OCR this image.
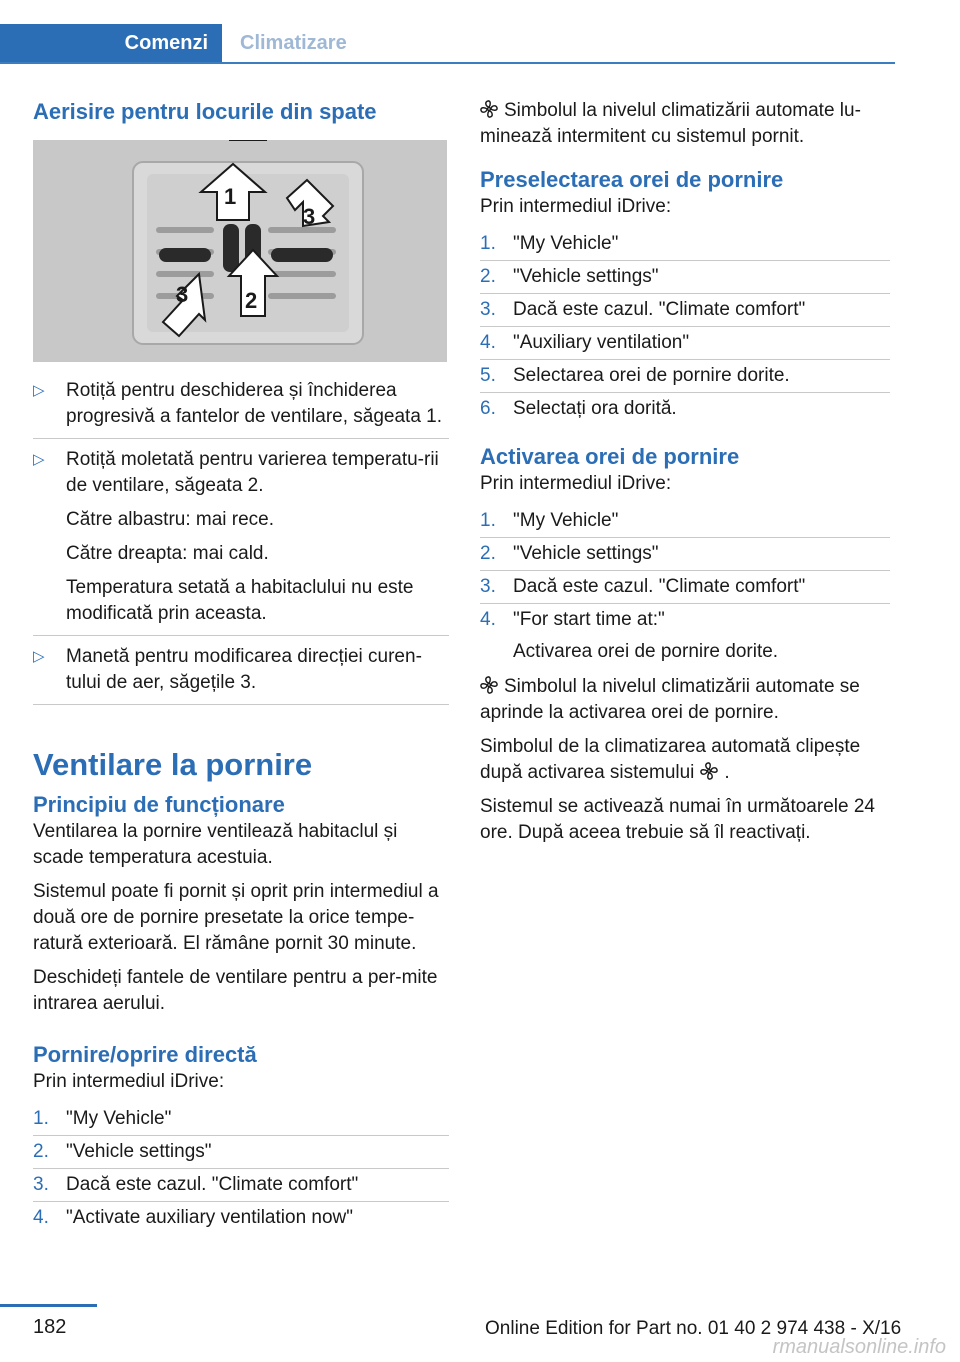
Comenzi	Climatizare
Aerisire pentru locurile din spate
1
2
3
3
▷ Rotiță pentru deschiderea și închiderea progresivă a fantelor de ventilare, săgeata 1.
▷ Rotiță moletată pentru varierea temperatu‐rii de ventilare, săgeata 2.
Către albastru: mai rece.
Către dreapta: mai cald.
Temperatura setată a habitaclului nu este modificată prin aceasta.
▷ Manetă pentru modificarea direcției curen‐tului de aer, săgețile 3.
Ventilare la pornire
Principiu de funcționare

Ventilarea la pornire ventilează habitaclul și scade temperatura acestuia.

Sistemul poate fi pornit și oprit prin intermediul a două ore de pornire presetate la orice tempe‐ratură exterioară. El rămâne pornit 30 minute.

Deschideți fantele de ventilare pentru a per‐mite intrarea aerului.

Pornire/oprire directă

Prin intermediul iDrive:

1. "My Vehicle"
2. "Vehicle settings"
3. Dacă este cazul. "Climate comfort"
4. "Activate auxiliary ventilation now"

Simbolul la nivelul climatizării automate lu‐minează intermitent cu sistemul pornit.

Preselectarea orei de pornire

Prin intermediul iDrive:

1. "My Vehicle"
2. "Vehicle settings"
3. Dacă este cazul. "Climate comfort"
4. "Auxiliary ventilation"
5. Selectarea orei de pornire dorite.
6. Selectați ora dorită.
Activarea orei de pornire

Prin intermediul iDrive:

1. "My Vehicle"
2. "Vehicle settings"
3. Dacă este cazul. "Climate comfort"
4. "For start time at:"
Activarea orei de pornire dorite.

Simbolul la nivelul climatizării automate se aprinde la activarea orei de pornire.

Simbolul de la climatizarea automată clipește după activarea sistemului .

Sistemul se activează numai în următoarele 24 ore. După aceea trebuie să îl reactivați.

182	Online Edition for Part no. 01 40 2 974 438 - X/16
rmanualsonline.info
